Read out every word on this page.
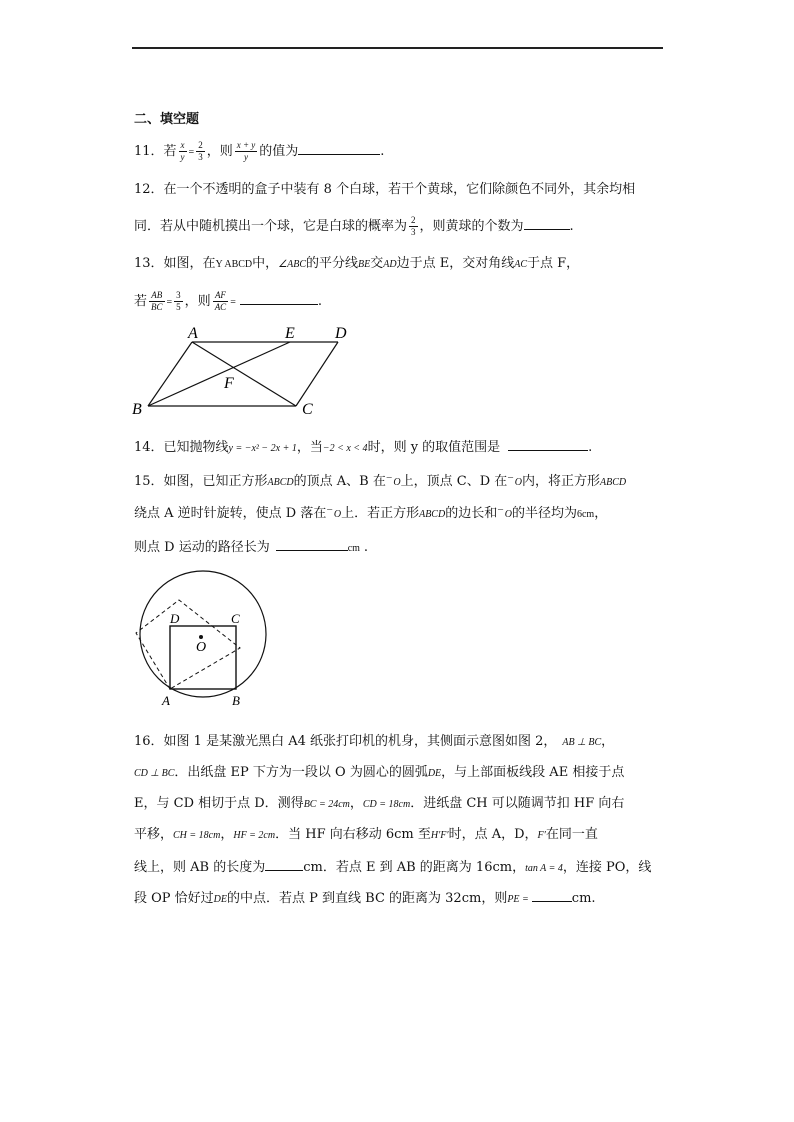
二、填空题
11．若 $\frac{x}{y} = \frac{2}{3}$ ，则 $\frac{x + y}{y}$ 的值为	.
12．在一个不透明的盒子中装有 8 个白球，若干个黄球，它们除颜色不同外，其余均相
同．若从中随机摸出一个球，它是白球的概率为 $\frac{2}{3}$ ，则黄球的个数为	.
13．如图，在Y ABCD中，∠ABC的平分线BE交AD边于点 E，交对角线AC于点 F，
若 $\frac{AB}{BC} = \frac{3}{5}$ ，则 $\frac{AF}{AC}$ =	.
A	E	D
F
B	C
14．已知抛物线y = −x² − 2x + 1，当−2 < x < 4时，则 y 的取值范围是	.
15．如图，已知正方形ABCD的顶点 A、B 在¯ O上，顶点 C、D 在¯ O内，将正方形ABCD
绕点 A 逆时针旋转，使点 D 落在¯ O上．若正方形ABCD的边长和¯ O的半径均为6cm，
则点 D 运动的路径长为	cm .
D	C
O
A	B
16．如图 1 是某激光黑白 A4 纸张打印机的机身，其侧面示意图如图 2， AB ⊥ BC，
CD ⊥ BC．出纸盘 EP 下方为一段以 O 为圆心的圆弧DE，与上部面板线段 AE 相接于点
E，与 CD 相切于点 D．测得BC = 24cm，CD = 18cm．进纸盘 CH 可以随调节扣 HF 向右
平移，CH = 18cm，HF = 2cm．当 HF 向右移动 6cm 至H′F′时，点 A，D，F′在同一直
线上，则 AB 的长度为	cm．若点 E 到 AB 的距离为 16cm，tan A = 4，连接 PO，线
段 OP 恰好过DE的中点．若点 P 到直线 BC 的距离为 32cm，则PE =	cm.
